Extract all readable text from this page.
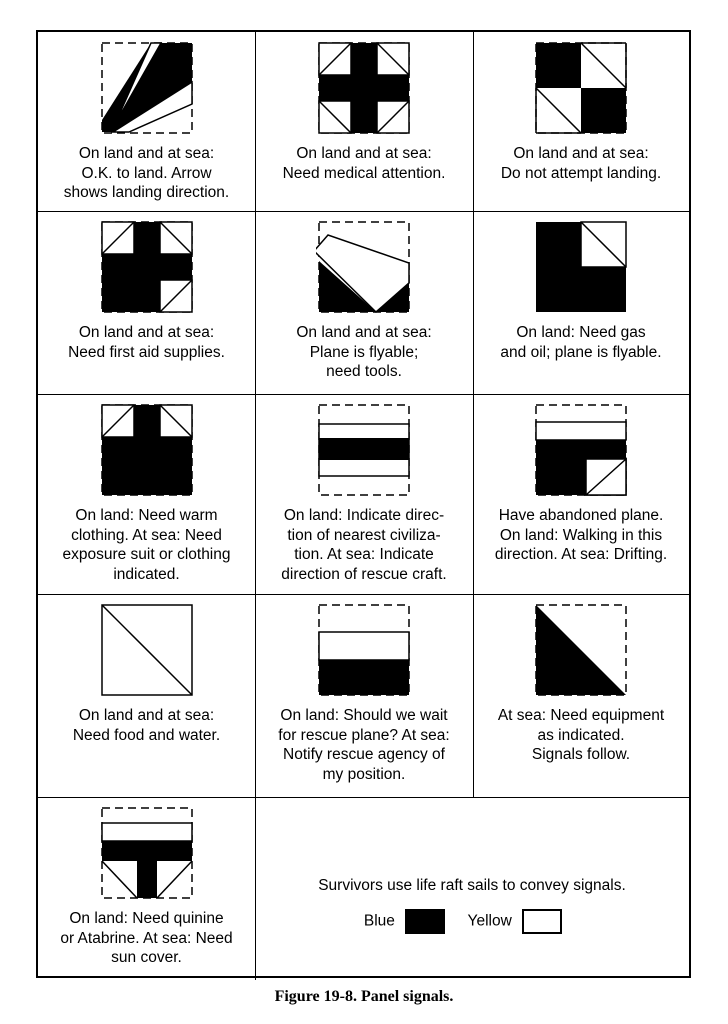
On land and at sea:
O.K. to land. Arrow
shows landing direction.
On land and at sea:
Need medical attention.
On land and at sea:
Do not attempt landing.
On land and at sea:
Need first aid supplies.
On land and at sea:
Plane is flyable;
need tools.
On land: Need gas
and oil; plane is flyable.
On land: Need warm
clothing. At sea: Need
exposure suit or clothing
indicated.
On land: Indicate direc-
tion of nearest civiliza-
tion. At sea: Indicate
direction of rescue craft.
Have abandoned plane.
On land: Walking in this
direction. At sea: Drifting.
On land and at sea:
Need food and water.
On land: Should we wait
for rescue plane? At sea:
Notify rescue agency of
my position.
At sea: Need equipment
as indicated.
Signals follow.
On land: Need quinine
or Atabrine. At sea: Need
sun cover.
Survivors use life raft sails to convey signals.
Blue	Yellow
Figure 19-8. Panel signals.
